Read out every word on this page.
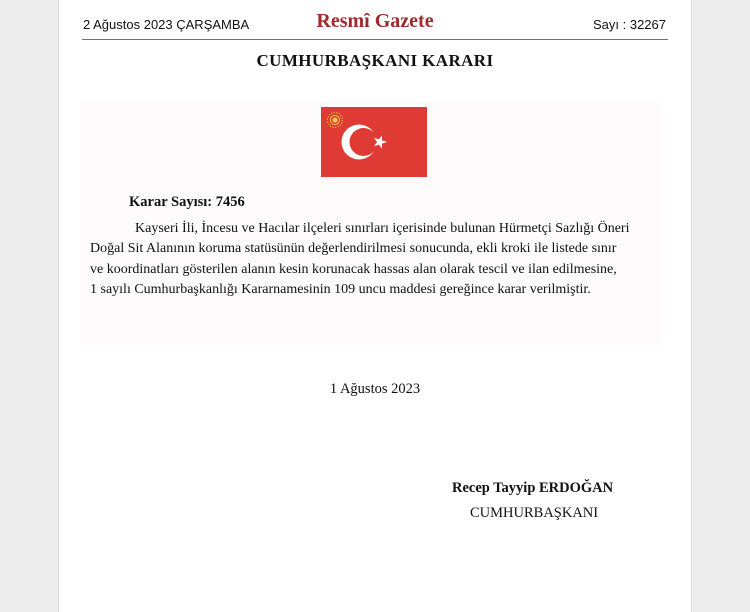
2 Ağustos 2023 ÇARŞAMBA	Resmî Gazete	Sayı : 32267
CUMHURBAŞKANI KARARI
Karar Sayısı: 7456
Kayseri İli, İncesu ve Hacılar ilçeleri sınırları içerisinde bulunan Hürmetçi Sazlığı Öneri
Doğal Sit Alanının koruma statüsünün değerlendirilmesi sonucunda, ekli kroki ile listede sınır
ve koordinatları gösterilen alanın kesin korunacak hassas alan olarak tescil ve ilan edilmesine,
1 sayılı Cumhurbaşkanlığı Kararnamesinin 109 uncu maddesi gereğince karar verilmiştir.
1 Ağustos 2023
Recep Tayyip ERDOĞAN
CUMHURBAŞKANI
